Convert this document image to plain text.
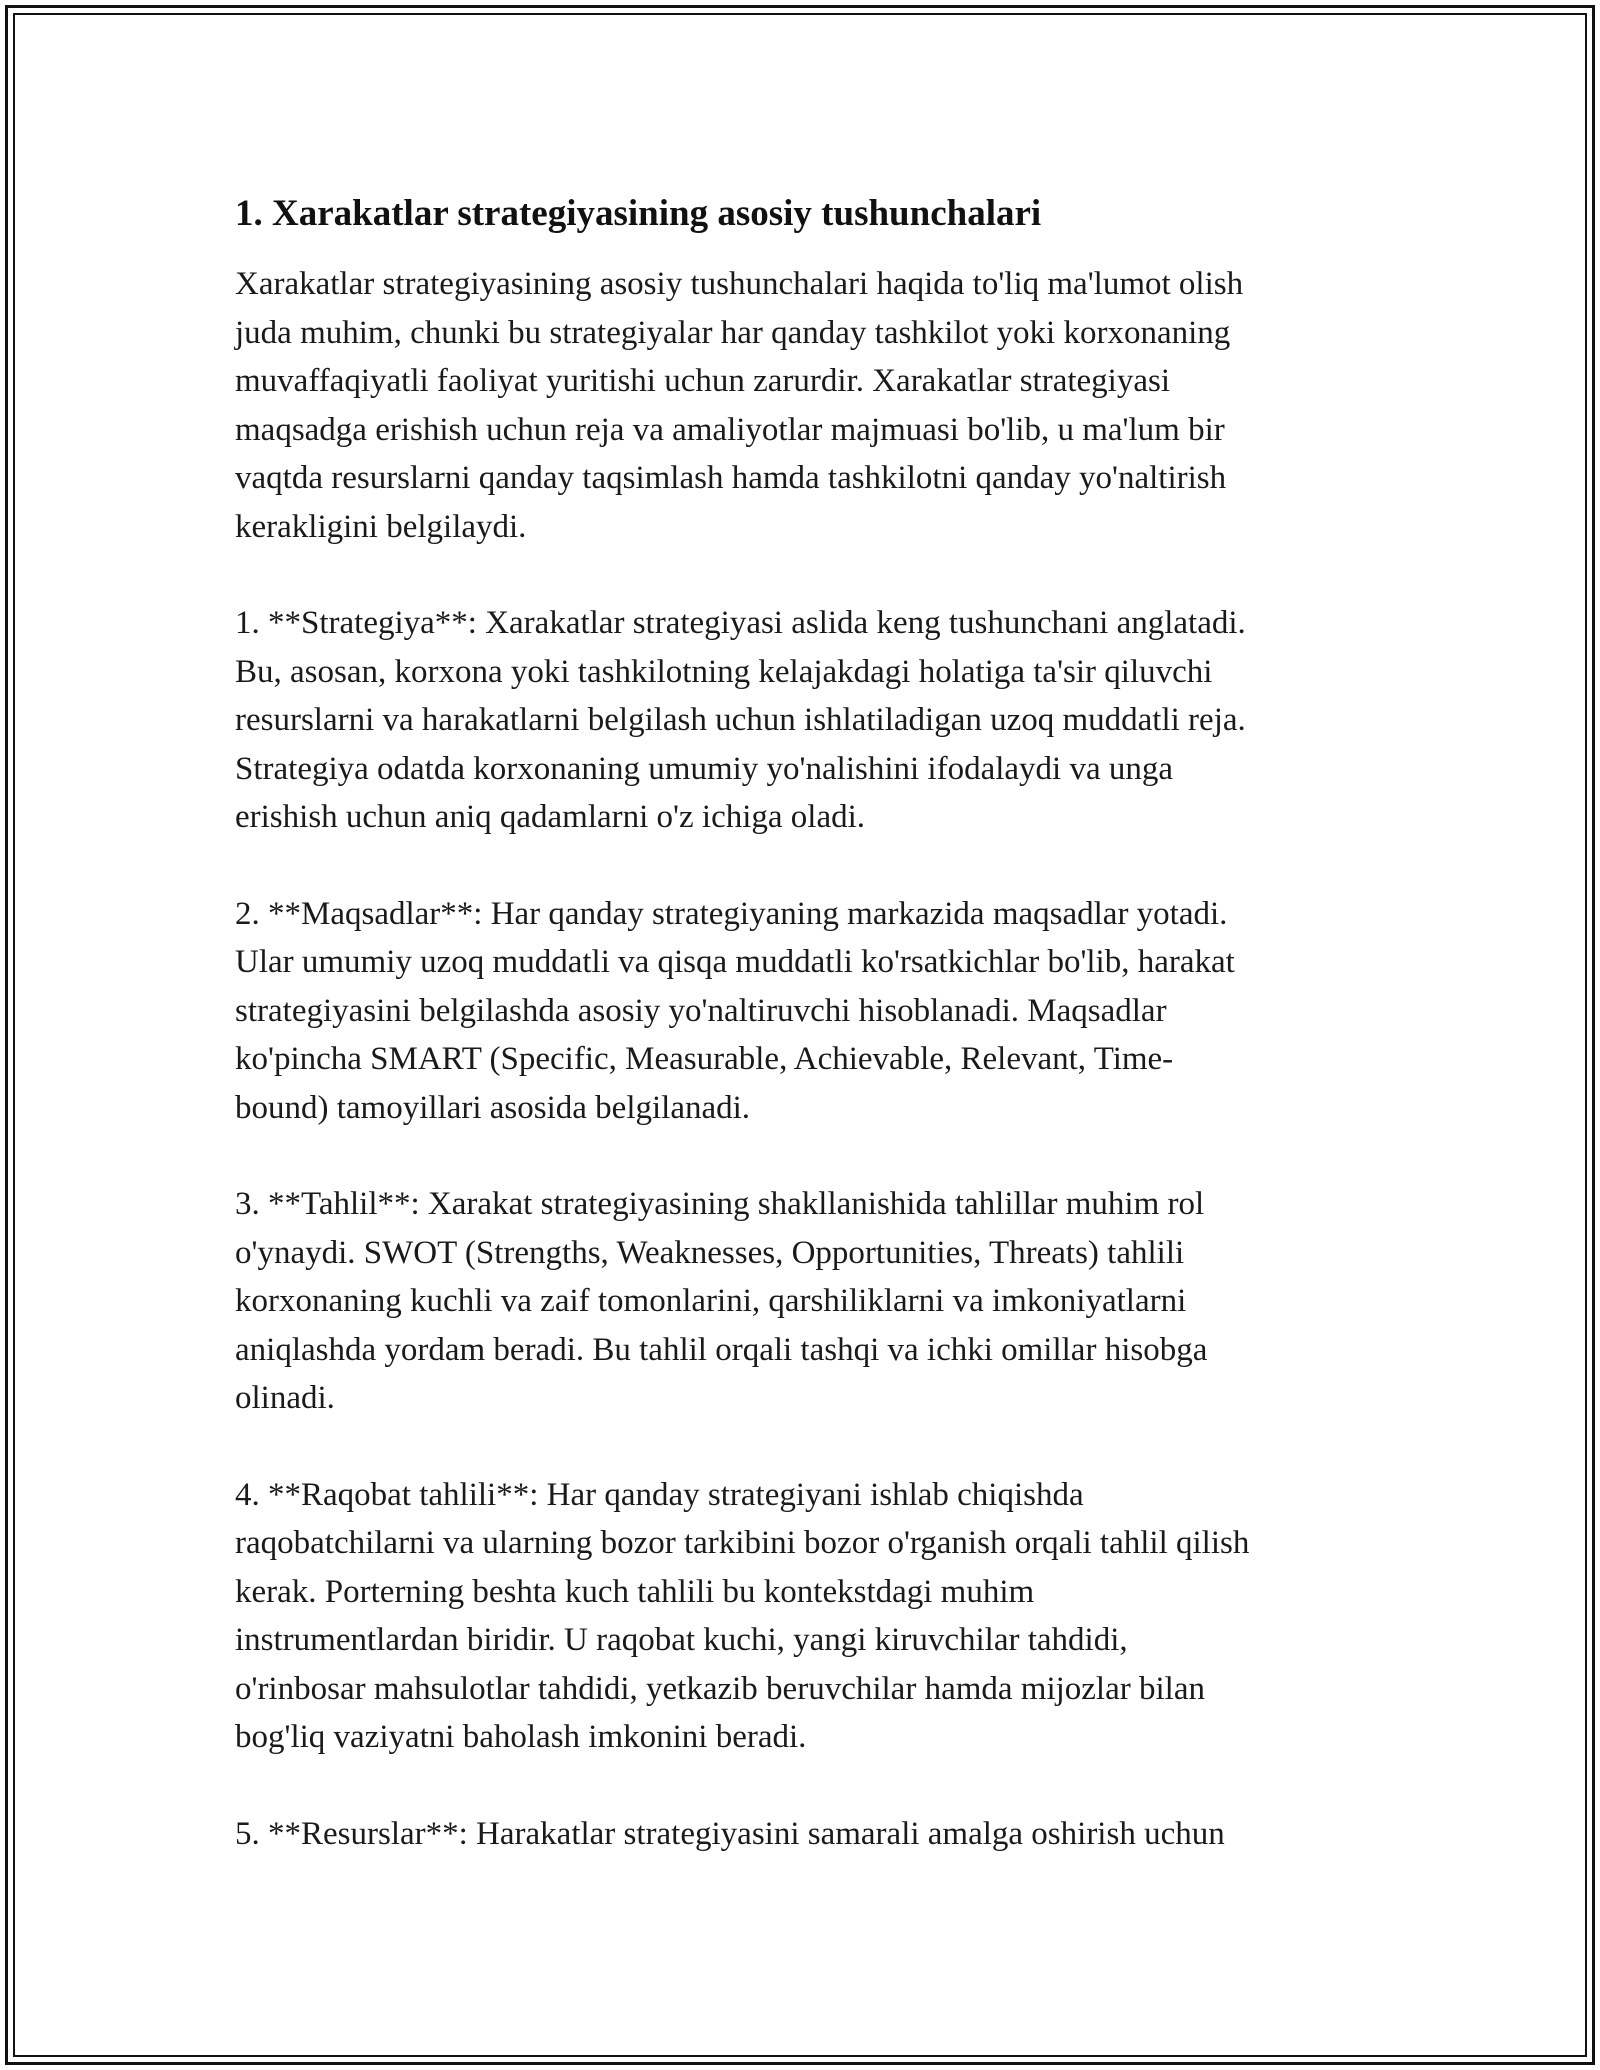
1. Xarakatlar strategiyasining asosiy tushunchalari

Xarakatlar strategiyasining asosiy tushunchalari haqida to'liq ma'lumot olish
juda muhim, chunki bu strategiyalar har qanday tashkilot yoki korxonaning
muvaffaqiyatli faoliyat yuritishi uchun zarurdir. Xarakatlar strategiyasi
maqsadga erishish uchun reja va amaliyotlar majmuasi bo'lib, u ma'lum bir
vaqtda resurslarni qanday taqsimlash hamda tashkilotni qanday yo'naltirish
kerakligini belgilaydi.

1. **Strategiya**: Xarakatlar strategiyasi aslida keng tushunchani anglatadi.
Bu, asosan, korxona yoki tashkilotning kelajakdagi holatiga ta'sir qiluvchi
resurslarni va harakatlarni belgilash uchun ishlatiladigan uzoq muddatli reja.
Strategiya odatda korxonaning umumiy yo'nalishini ifodalaydi va unga
erishish uchun aniq qadamlarni o'z ichiga oladi.

2. **Maqsadlar**: Har qanday strategiyaning markazida maqsadlar yotadi.
Ular umumiy uzoq muddatli va qisqa muddatli ko'rsatkichlar bo'lib, harakat
strategiyasini belgilashda asosiy yo'naltiruvchi hisoblanadi. Maqsadlar
ko'pincha SMART (Specific, Measurable, Achievable, Relevant, Time-
bound) tamoyillari asosida belgilanadi.

3. **Tahlil**: Xarakat strategiyasining shakllanishida tahlillar muhim rol
o'ynaydi. SWOT (Strengths, Weaknesses, Opportunities, Threats) tahlili
korxonaning kuchli va zaif tomonlarini, qarshiliklarni va imkoniyatlarni
aniqlashda yordam beradi. Bu tahlil orqali tashqi va ichki omillar hisobga
olinadi.

4. **Raqobat tahlili**: Har qanday strategiyani ishlab chiqishda
raqobatchilarni va ularning bozor tarkibini bozor o'rganish orqali tahlil qilish
kerak. Porterning beshta kuch tahlili bu kontekstdagi muhim
instrumentlardan biridir. U raqobat kuchi, yangi kiruvchilar tahdidi,
o'rinbosar mahsulotlar tahdidi, yetkazib beruvchilar hamda mijozlar bilan
bog'liq vaziyatni baholash imkonini beradi.

5. **Resurslar**: Harakatlar strategiyasini samarali amalga oshirish uchun
